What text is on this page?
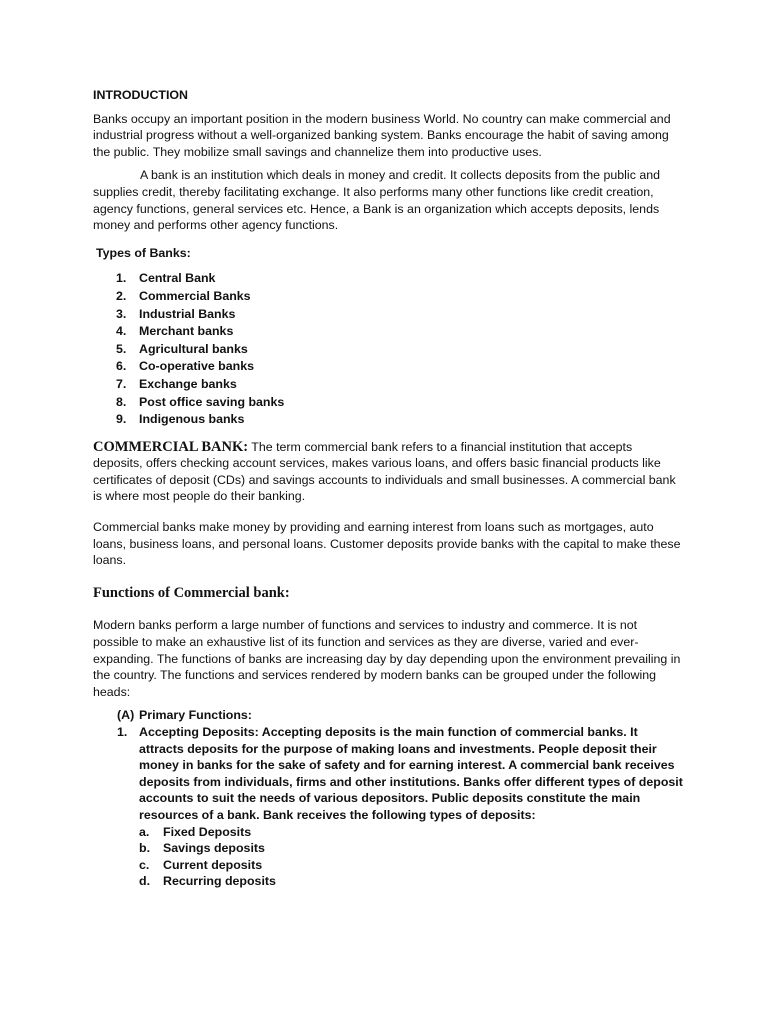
INTRODUCTION

Banks occupy an important position in the modern business World. No country can make commercial and industrial progress without a well-organized banking system. Banks encourage the habit of saving among the public. They mobilize small savings and channelize them into productive uses.

A bank is an institution which deals in money and credit. It collects deposits from the public and supplies credit, thereby facilitating exchange. It also performs many other functions like credit creation, agency functions, general services etc. Hence, a Bank is an organization which accepts deposits, lends money and performs other agency functions.

Types of Banks:
1.	Central Bank
2.	Commercial Banks
3.	Industrial Banks
4.	Merchant banks
5.	Agricultural banks
6.	Co-operative banks
7.	Exchange banks
8.	Post office saving banks
9.	Indigenous banks

COMMERCIAL BANK: The term commercial bank refers to a financial institution that accepts deposits, offers checking account services, makes various loans, and offers basic financial products like certificates of deposit (CDs) and savings accounts to individuals and small businesses. A commercial bank is where most people do their banking.

Commercial banks make money by providing and earning interest from loans such as mortgages, auto loans, business loans, and personal loans. Customer deposits provide banks with the capital to make these loans.

Functions of Commercial bank:

Modern banks perform a large number of functions and services to industry and commerce. It is not possible to make an exhaustive list of its function and services as they are diverse, varied and ever-expanding. The functions of banks are increasing day by day depending upon the environment prevailing in the country. The functions and services rendered by modern banks can be grouped under the following heads:

(A) Primary Functions:
1. Accepting Deposits: Accepting deposits is the main function of commercial banks. It attracts deposits for the purpose of making loans and investments. People deposit their money in banks for the sake of safety and for earning interest. A commercial bank receives deposits from individuals, firms and other institutions. Banks offer different types of deposit accounts to suit the needs of various depositors. Public deposits constitute the main resources of a bank. Bank receives the following types of deposits:
a.	Fixed Deposits
b.	Savings deposits
c.	Current deposits
d.	Recurring deposits
